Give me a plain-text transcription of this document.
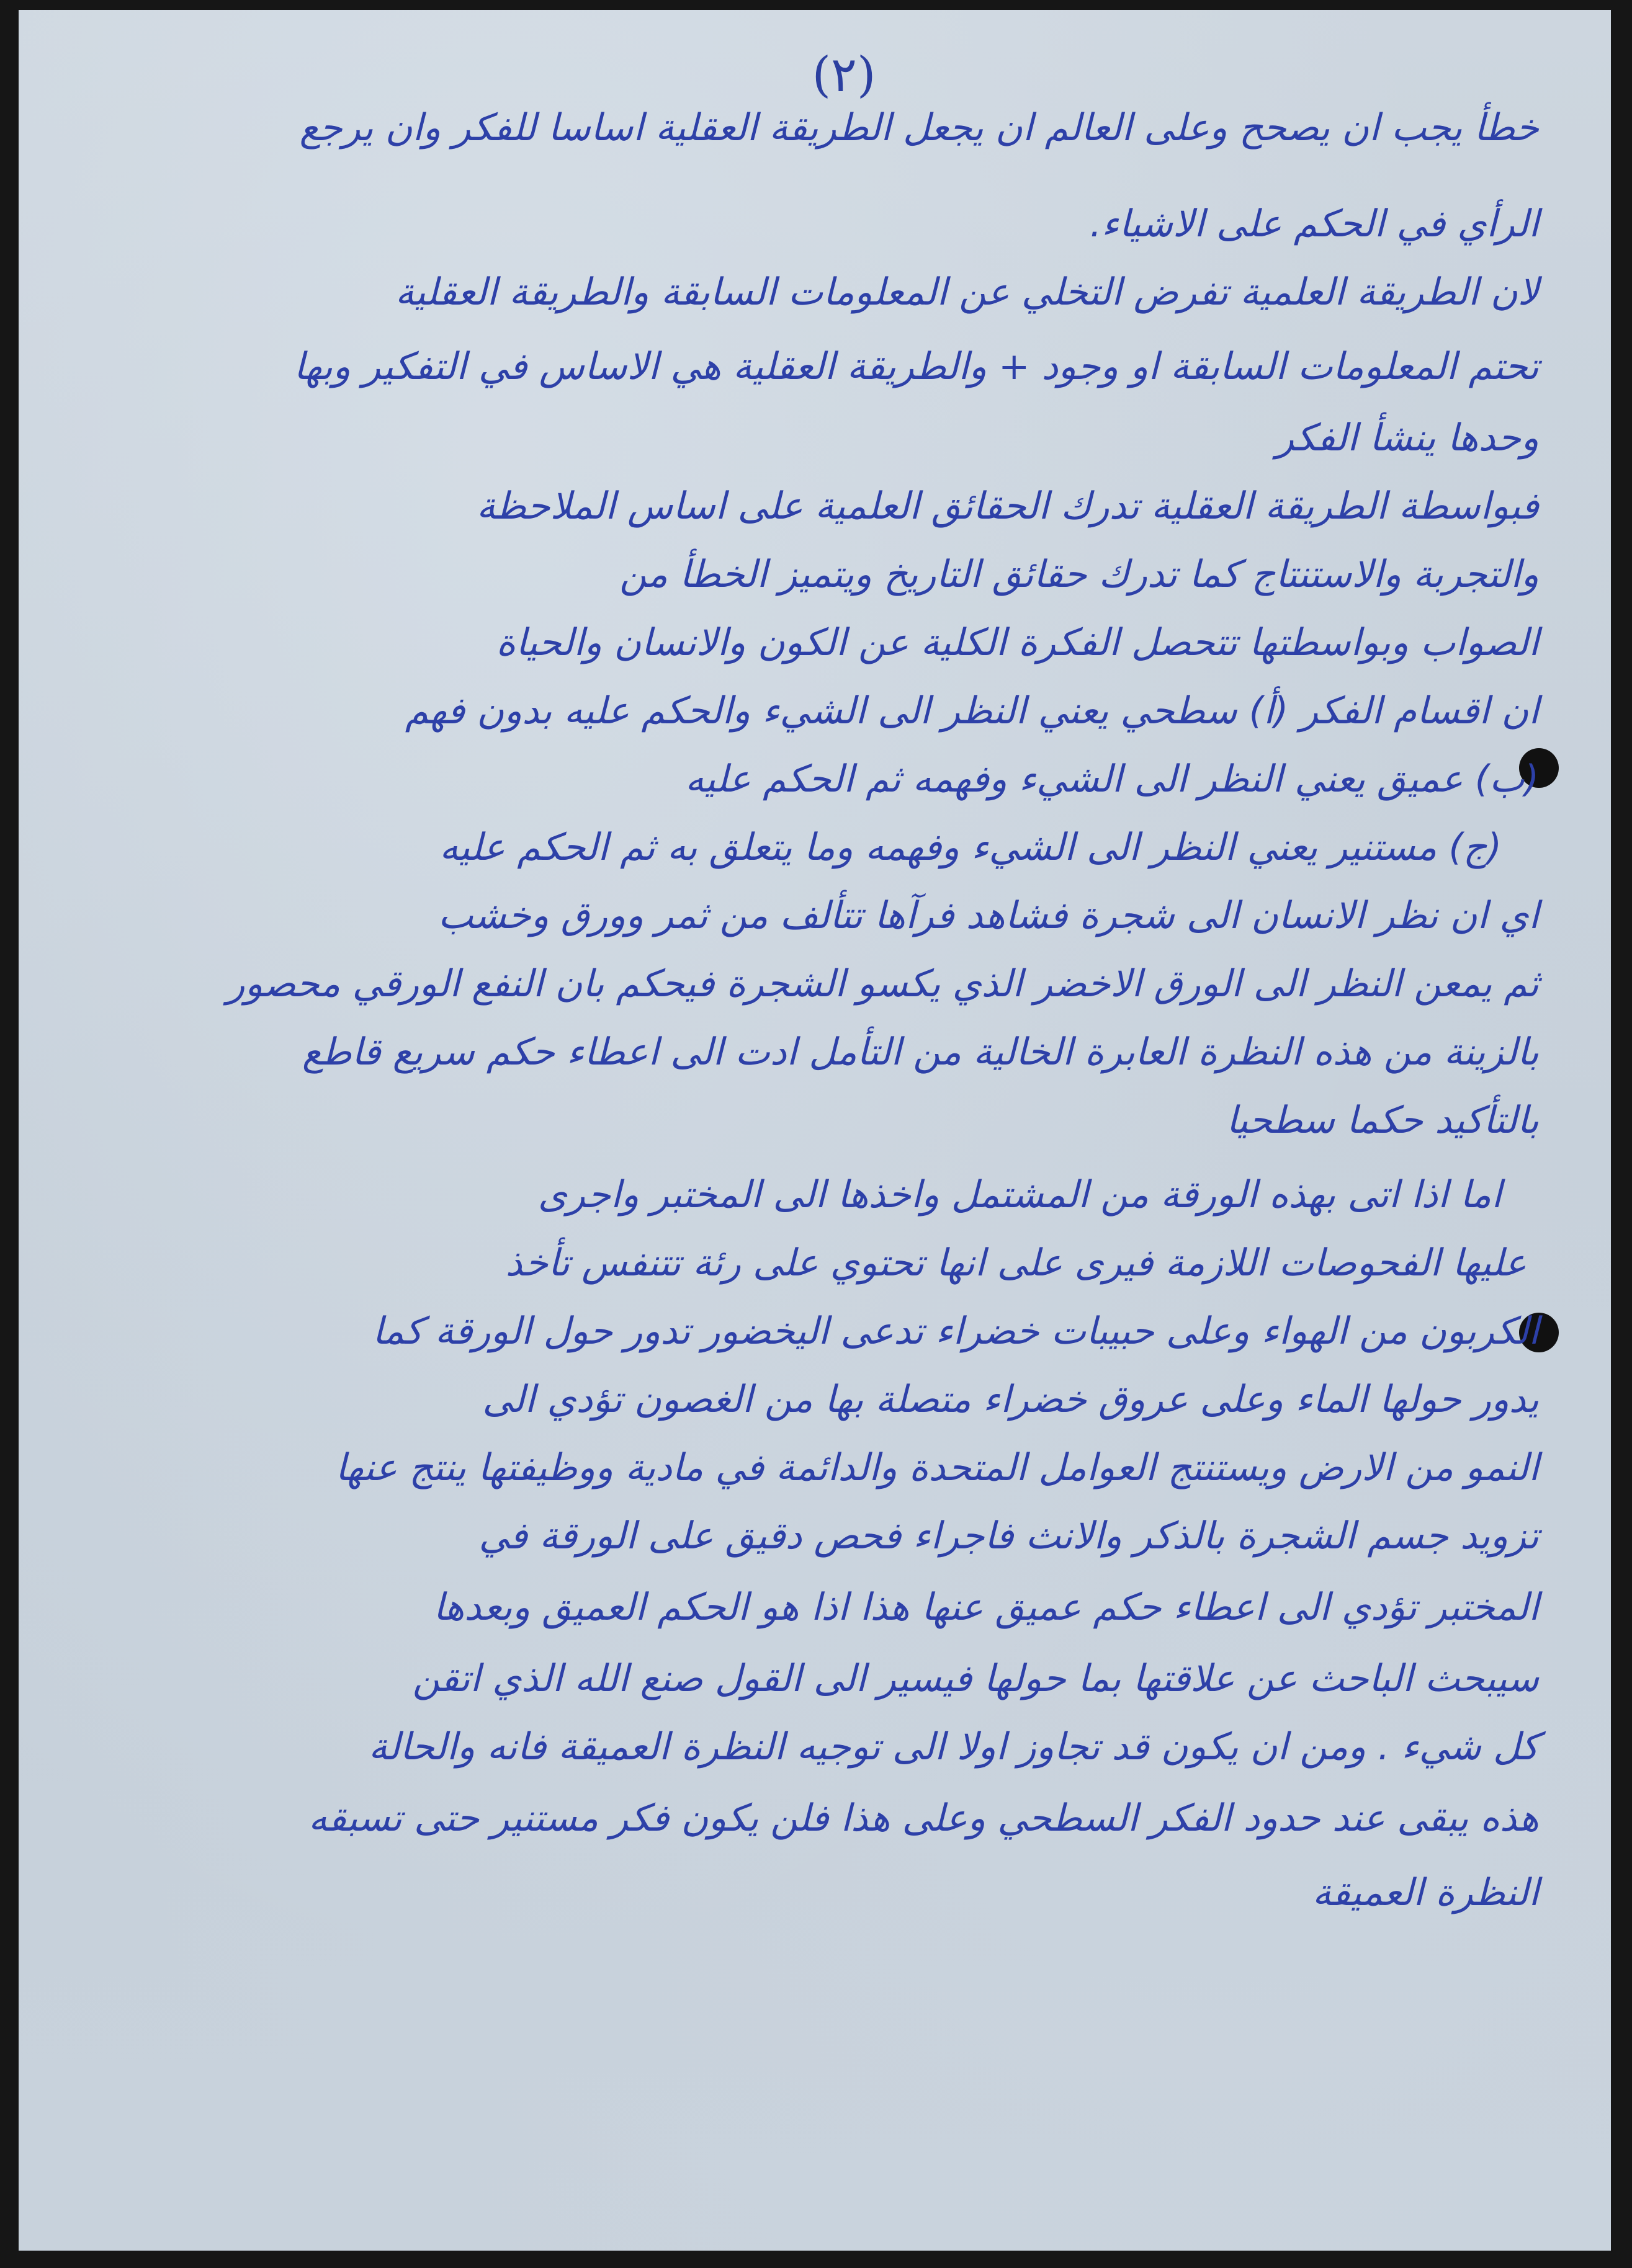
(٢)
خطأ يجب ان يصحح وعلى العالم ان يجعل الطريقة العقلية اساسا للفكر وان يرجع
الرأي في الحكم على الاشياء.
لان الطريقة العلمية تفرض التخلي عن المعلومات السابقة والطريقة العقلية
تحتم المعلومات السابقة او وجود + والطريقة العقلية هي الاساس في التفكير وبها
وحدها ينشأ الفكر
فبواسطة الطريقة العقلية تدرك الحقائق العلمية على اساس الملاحظة
والتجربة والاستنتاج كما تدرك حقائق التاريخ ويتميز الخطأ من
الصواب وبواسطتها تتحصل الفكرة الكلية عن الكون والانسان والحياة
ان اقسام الفكر (أ) سطحي يعني النظر الى الشيء والحكم عليه بدون فهم
(ب) عميق يعني النظر الى الشيء وفهمه ثم الحكم عليه
(ج) مستنير يعني النظر الى الشيء وفهمه وما يتعلق به ثم الحكم عليه
اي ان نظر الانسان الى شجرة فشاهد فرآها تتألف من ثمر وورق وخشب
ثم يمعن النظر الى الورق الاخضر الذي يكسو الشجرة فيحكم بان النفع الورقي محصور
بالزينة من هذه النظرة العابرة الخالية من التأمل ادت الى اعطاء حكم سريع قاطع
بالتأكيد حكما سطحيا
اما اذا اتى بهذه الورقة من المشتمل واخذها الى المختبر واجرى
عليها الفحوصات اللازمة فيرى على انها تحتوي على رئة تتنفس تأخذ
الكربون من الهواء وعلى حبيبات خضراء تدعى اليخضور تدور حول الورقة كما
يدور حولها الماء وعلى عروق خضراء متصلة بها من الغصون تؤدي الى
النمو من الارض ويستنتج العوامل المتحدة والدائمة في مادية ووظيفتها ينتج عنها
تزويد جسم الشجرة بالذكر والانث فاجراء فحص دقيق على الورقة في
المختبر تؤدي الى اعطاء حكم عميق عنها هذا اذا هو الحكم العميق وبعدها
سيبحث الباحث عن علاقتها بما حولها فيسير الى القول صنع الله الذي اتقن
كل شيء . ومن ان يكون قد تجاوز اولا الى توجيه النظرة العميقة فانه والحالة
هذه يبقى عند حدود الفكر السطحي وعلى هذا فلن يكون فكر مستنير حتى تسبقه
النظرة العميقة
